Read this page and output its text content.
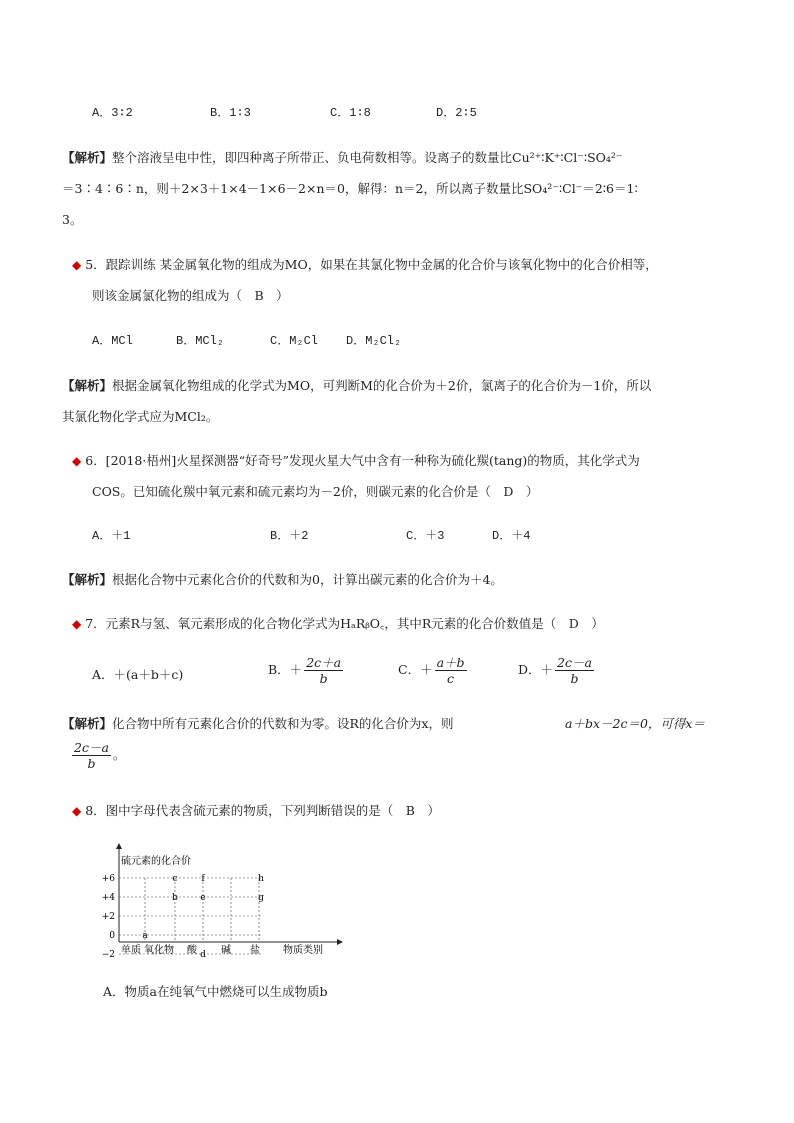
A．3∶2	B．1∶3	C．1∶8	D．2∶5
【解析】整个溶液呈电中性，即四种离子所带正、负电荷数相等。设离子的数量比Cu²⁺∶K⁺∶Cl⁻∶SO₄²⁻
＝3∶4∶6∶n，则＋2×3＋1×4－1×6－2×n＝0，解得：n＝2，所以离子数量比SO₄²⁻∶Cl⁻＝2∶6＝1∶
3。
◆ 5．跟踪训练 某金属氧化物的组成为MO，如果在其氯化物中金属的化合价与该氧化物中的化合价相等，
则该金属氯化物的组成为（　B　）
A．MCl	B．MCl₂	C．M₂Cl D．M₂Cl₂
【解析】根据金属氧化物组成的化学式为MO，可判断M的化合价为＋2价，氯离子的化合价为－1价，所以
其氯化物化学式应为MCl₂。
◆ 6．[2018·梧州]火星探测器“好奇号”发现火星大气中含有一种称为硫化羰(tang)的物质，其化学式为
COS。已知硫化羰中氧元素和硫元素均为－2价，则碳元素的化合价是（　D　）
A．＋1	B．＋2	C．＋3	D．＋4
【解析】根据化合物中元素化合价的代数和为0，计算出碳元素的化合价为＋4。
◆ 7．元素R与氢、氧元素形成的化合物化学式为HₐRᵦO꜀，其中R元素的化合价数值是（　D　）
A．＋(a＋b＋c)	B．＋ $\frac{2c+a}{b}$	C．＋ $\frac{a+b}{c}$	D．＋ $\frac{2c-a}{b}$
【解析】化合物中所有元素化合价的代数和为零。设R的化合价为x，则	a＋bx－2c＝0，可得x＝
$\frac{2c-a}{b}$ 。
◆ 8．图中字母代表含硫元素的物质，下列判断错误的是（　B　）
硫元素的化合价
+6
+4
+2
0
−2 单质 氧化物 酸 碱 盐
a
c
b
f
e
d
h
g
物质类别
A．物质a在纯氧气中燃烧可以生成物质b
